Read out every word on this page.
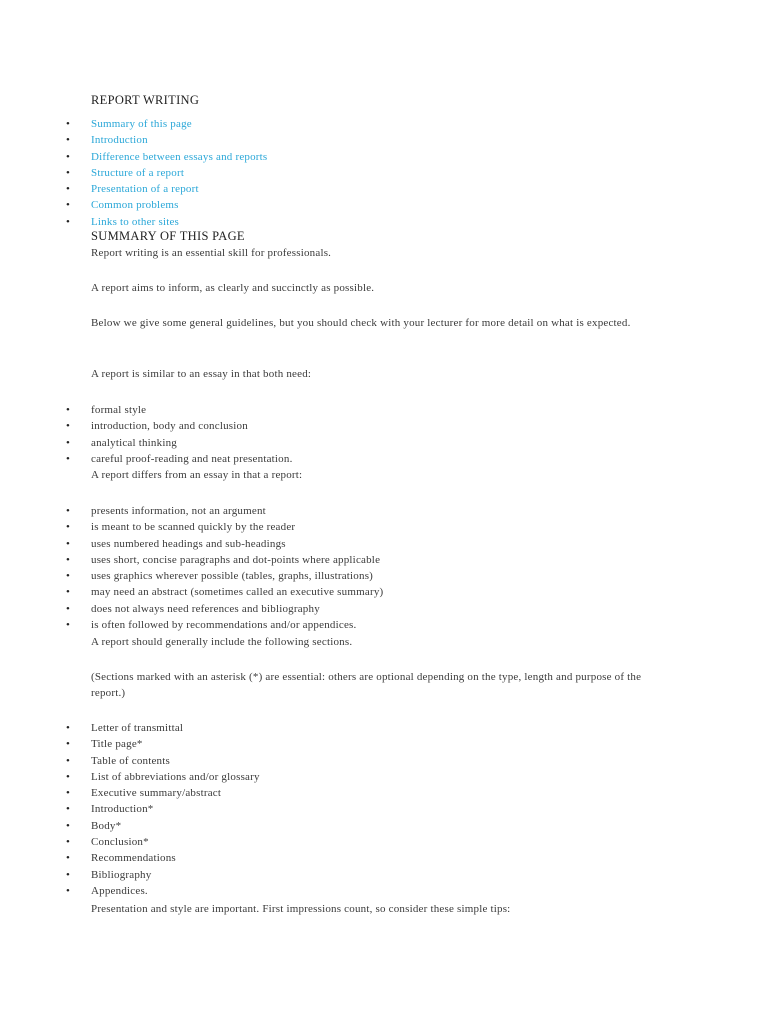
REPORT WRITING
• Summary of this page
• Introduction
• Difference between essays and reports
• Structure of a report
• Presentation of a report
• Common problems
• Links to other sites
SUMMARY OF THIS PAGE
Report writing is an essential skill for professionals.
A report aims to inform, as clearly and succinctly as possible.
Below we give some general guidelines, but you should check with your lecturer for more detail on what is expected.
A report is similar to an essay in that both need:
• formal style
• introduction, body and conclusion
• analytical thinking
• careful proof-reading and neat presentation.
A report differs from an essay in that a report:
• presents information, not an argument
• is meant to be scanned quickly by the reader
• uses numbered headings and sub-headings
• uses short, concise paragraphs and dot-points where applicable
• uses graphics wherever possible (tables, graphs, illustrations)
• may need an abstract (sometimes called an executive summary)
• does not always need references and bibliography
• is often followed by recommendations and/or appendices.
A report should generally include the following sections.
(Sections marked with an asterisk (*) are essential: others are optional depending on the type, length and purpose of the report.)
• Letter of transmittal
• Title page*
• Table of contents
• List of abbreviations and/or glossary
• Executive summary/abstract
• Introduction*
• Body*
• Conclusion*
• Recommendations
• Bibliography
• Appendices.
Presentation and style are important. First impressions count, so consider these simple tips:
